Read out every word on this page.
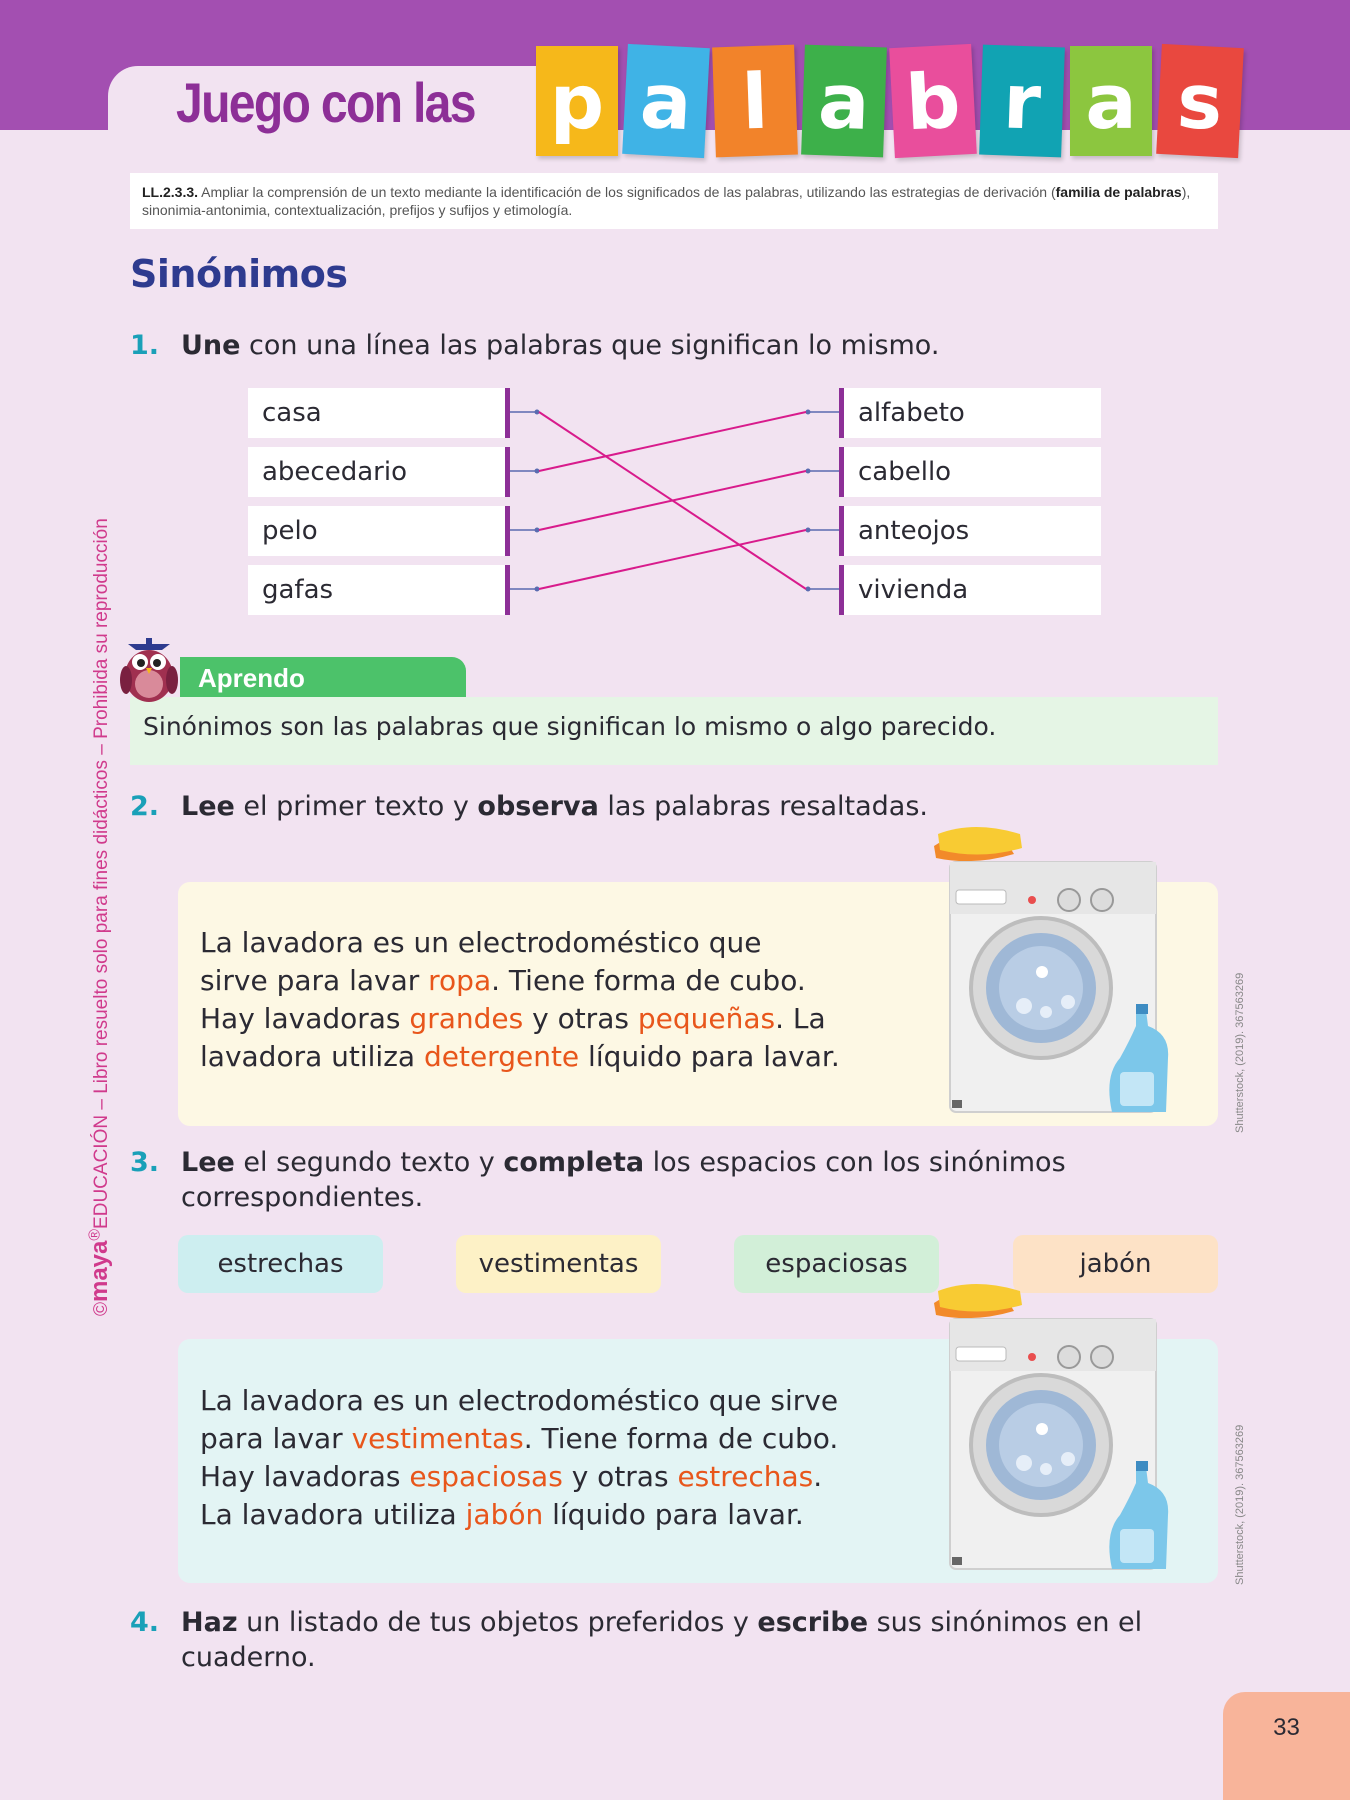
Juego con las p a l a b r a s
LL.2.3.3. Ampliar la comprensión de un texto mediante la identificación de los significados de las palabras, utilizando las estrategias de derivación (familia de palabras), sinonimia-antonimia, contextualización, prefijos y sufijos y etimología.
Sinónimos
1. Une con una línea las palabras que significan lo mismo.
casa
abecedario
pelo
gafas
alfabeto
cabello
anteojos
vivienda
Aprendo
Sinónimos son las palabras que significan lo mismo o algo parecido.
2. Lee el primer texto y observa las palabras resaltadas.
La lavadora es un electrodoméstico que
sirve para lavar ropa. Tiene forma de cubo.
Hay lavadoras grandes y otras pequeñas. La
lavadora utiliza detergente líquido para lavar.	Shutterstock, (2019). 367563269
3. Lee el segundo texto y completa los espacios con los sinónimos
correspondientes.
estrechas	vestimentas	espaciosas	jabón
La lavadora es un electrodoméstico que sirve
para lavar vestimentas. Tiene forma de cubo.
Hay lavadoras espaciosas y otras estrechas.
La lavadora utiliza jabón líquido para lavar.	Shutterstock, (2019). 367563269
4. Haz un listado de tus objetos preferidos y escribe sus sinónimos en el
cuaderno.
©maya®EDUCACIÓN – Libro resuelto solo para fines didácticos – Prohibida su reproducción
33
